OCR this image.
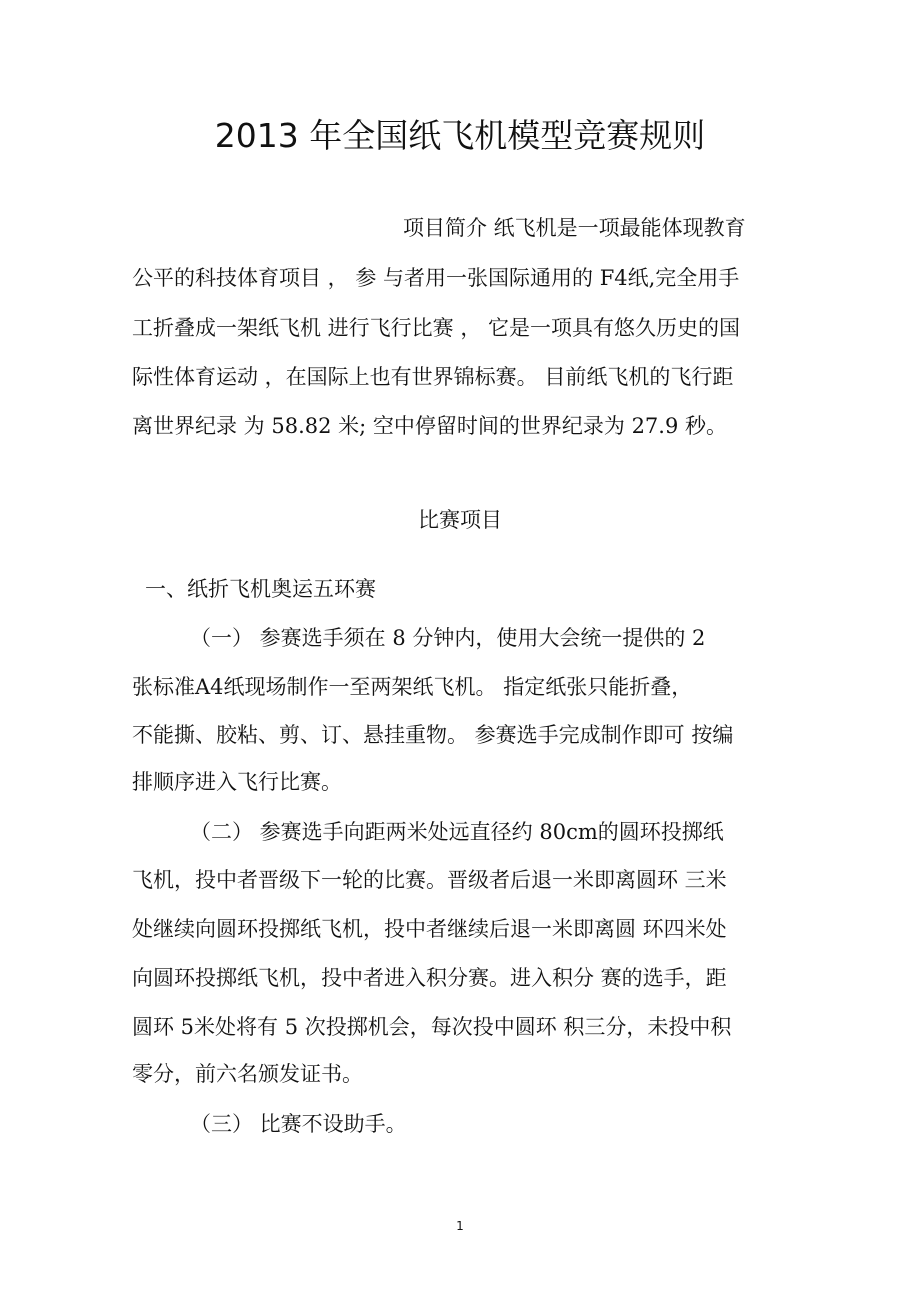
2013 年全国纸飞机模型竞赛规则

项目简介 纸飞机是一项最能体现教育

公平的科技体育项目 ， 参 与者用一张国际通用的 F4纸,完全用手

工折叠成一架纸飞机 进行飞行比赛 ， 它是一项具有悠久历史的国

际性体育运动 ，在国际上也有世界锦标赛。 目前纸飞机的飞行距

离世界纪录 为 58.82 米; 空中停留时间的世界纪录为 27.9 秒。

比赛项目

一、纸折飞机奥运五环赛

（一） 参赛选手须在 8 分钟内，使用大会统一提供的 2

张标准A4纸现场制作一至两架纸飞机。 指定纸张只能折叠，

不能撕、胶粘、剪、订、悬挂重物。 参赛选手完成制作即可 按编

排顺序进入飞行比赛。

（二） 参赛选手向距两米处远直径约 80cm的圆环投掷纸

飞机，投中者晋级下一轮的比赛。晋级者后退一米即离圆环 三米

处继续向圆环投掷纸飞机，投中者继续后退一米即离圆 环四米处

向圆环投掷纸飞机，投中者进入积分赛。进入积分 赛的选手，距

圆环 5米处将有 5 次投掷机会，每次投中圆环 积三分，未投中积

零分，前六名颁发证书。

（三） 比赛不设助手。

1
